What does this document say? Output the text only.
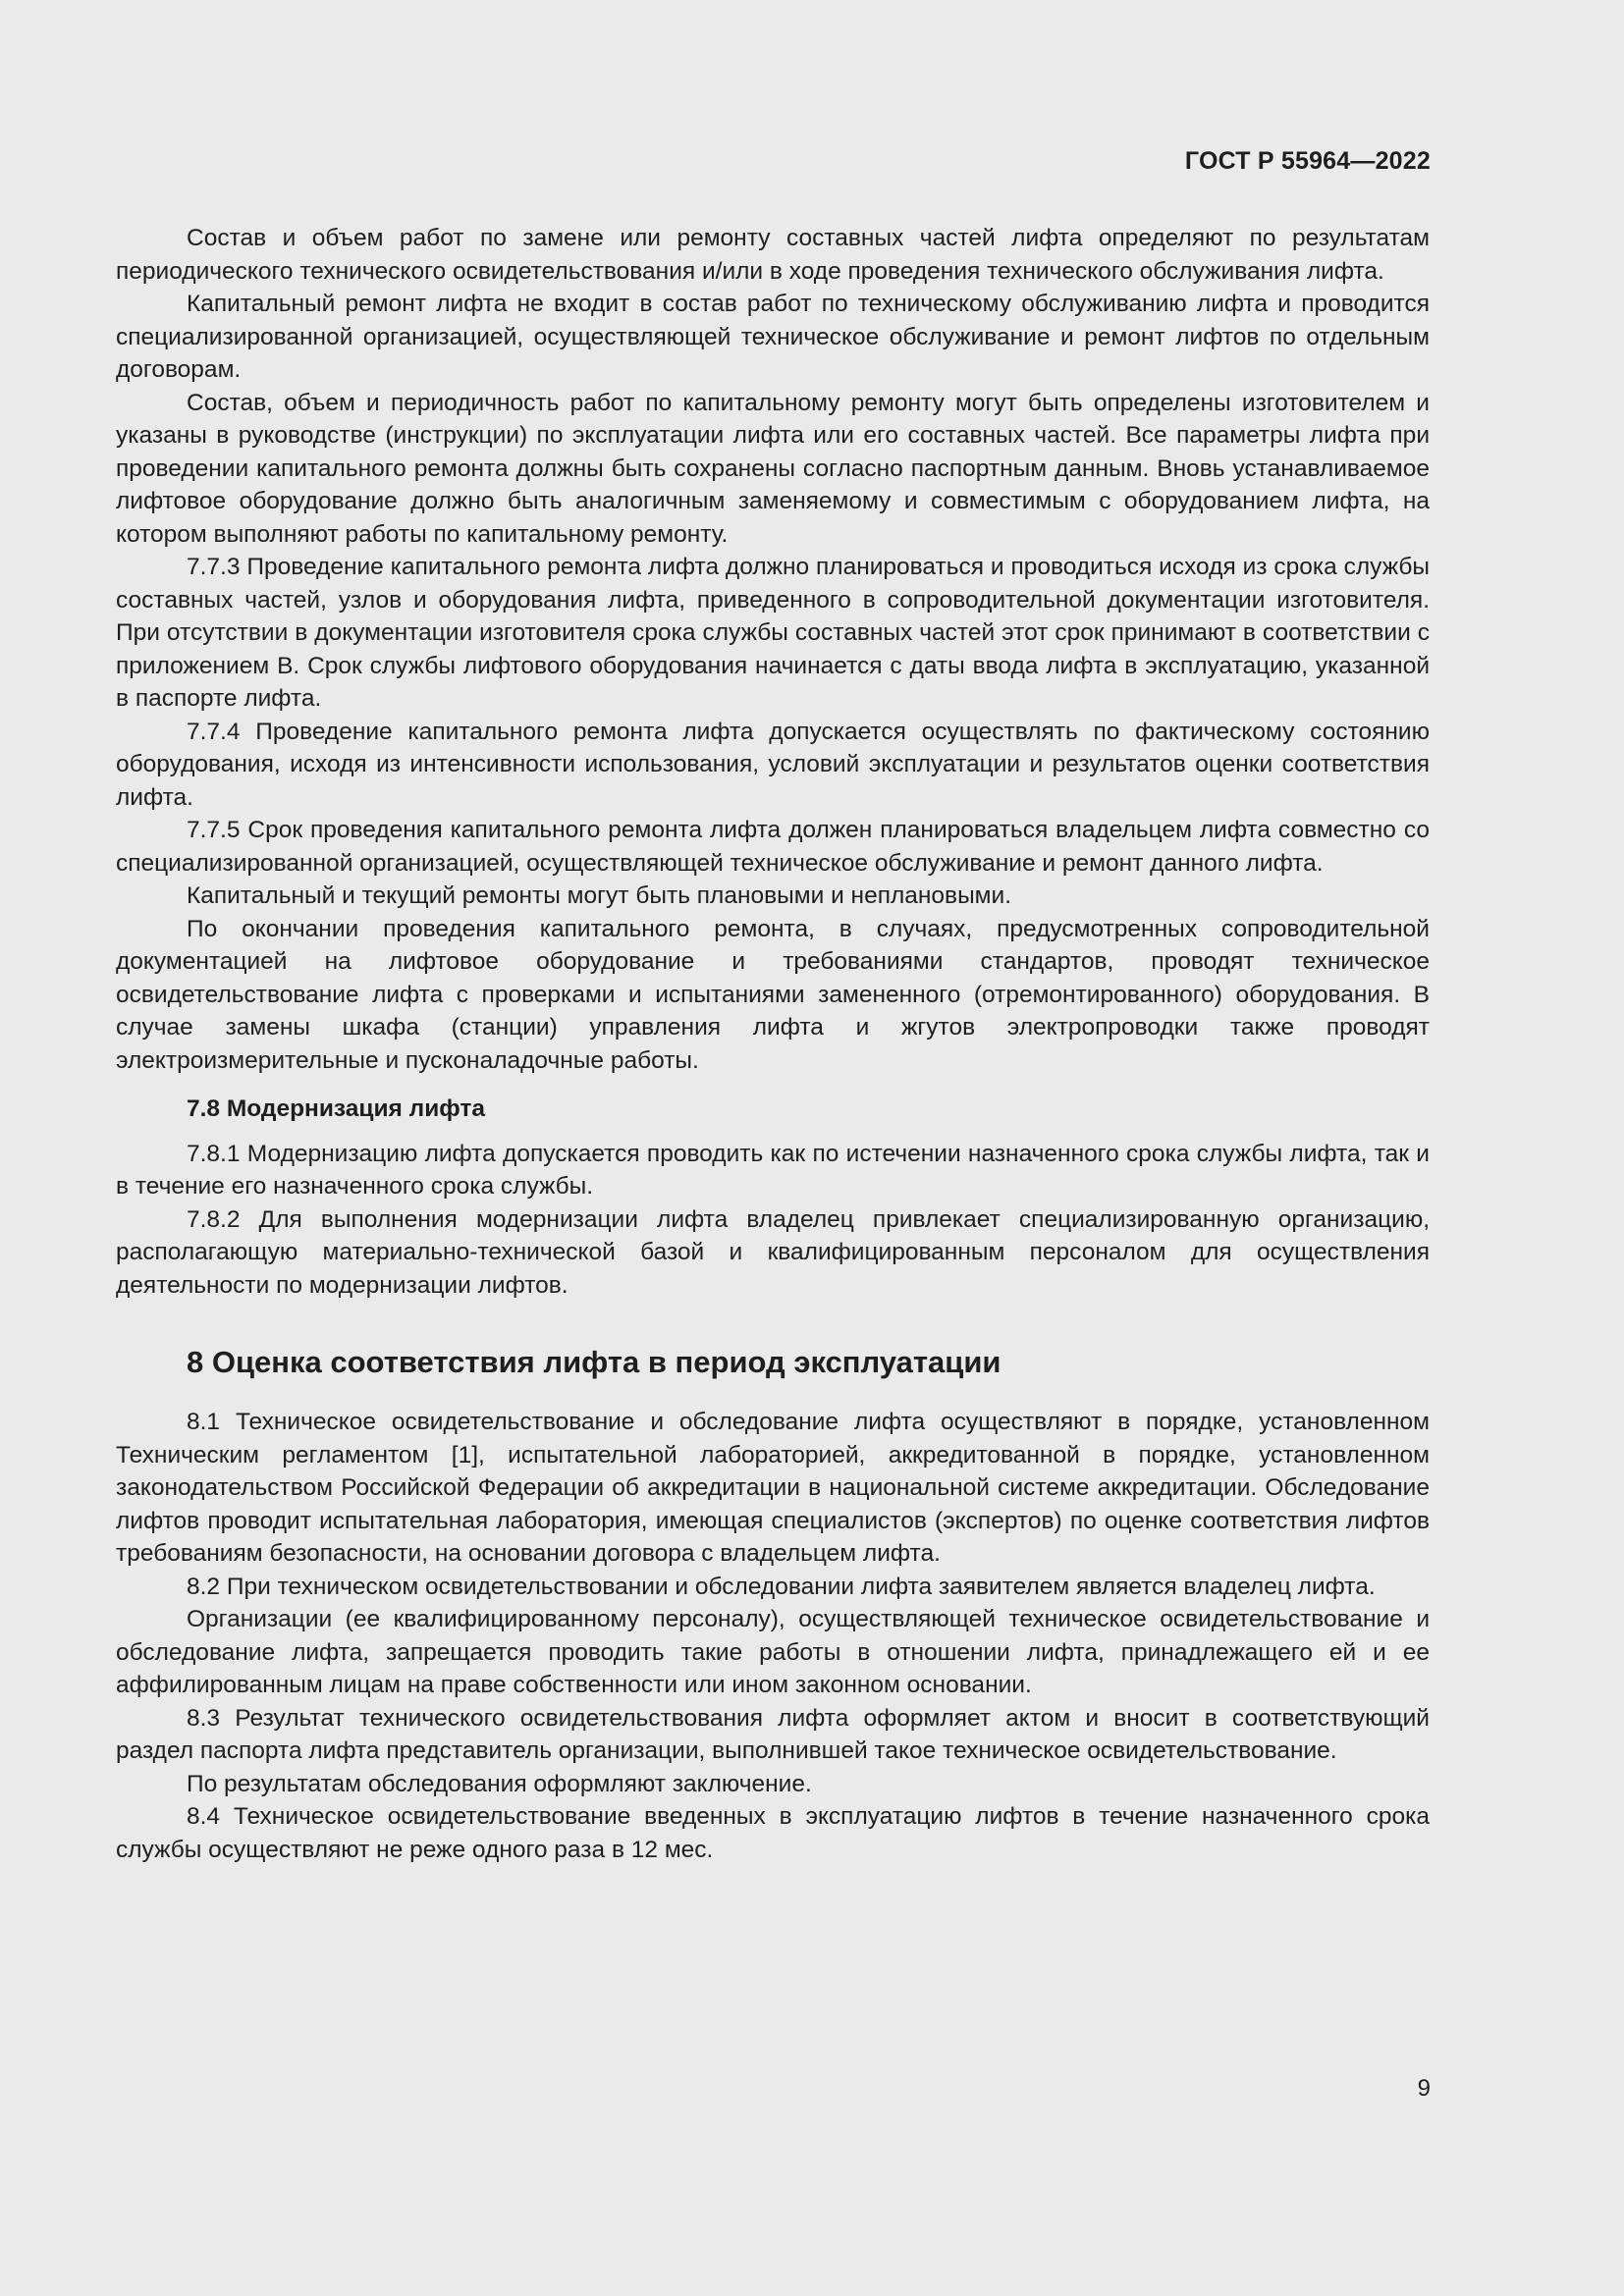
ГОСТ Р 55964—2022

Состав и объем работ по замене или ремонту составных частей лифта определяют по результатам периодического технического освидетельствования и/или в ходе проведения технического обслуживания лифта.

Капитальный ремонт лифта не входит в состав работ по техническому обслуживанию лифта и проводится специализированной организацией, осуществляющей техническое обслуживание и ремонт лифтов по отдельным договорам.

Состав, объем и периодичность работ по капитальному ремонту могут быть определены изготовителем и указаны в руководстве (инструкции) по эксплуатации лифта или его составных частей. Все параметры лифта при проведении капитального ремонта должны быть сохранены согласно паспортным данным. Вновь устанавливаемое лифтовое оборудование должно быть аналогичным заменяемому и совместимым с оборудованием лифта, на котором выполняют работы по капитальному ремонту.

7.7.3 Проведение капитального ремонта лифта должно планироваться и проводиться исходя из срока службы составных частей, узлов и оборудования лифта, приведенного в сопроводительной документации изготовителя. При отсутствии в документации изготовителя срока службы составных частей этот срок принимают в соответствии с приложением В. Срок службы лифтового оборудования начинается с даты ввода лифта в эксплуатацию, указанной в паспорте лифта.

7.7.4 Проведение капитального ремонта лифта допускается осуществлять по фактическому состоянию оборудования, исходя из интенсивности использования, условий эксплуатации и результатов оценки соответствия лифта.

7.7.5 Срок проведения капитального ремонта лифта должен планироваться владельцем лифта совместно со специализированной организацией, осуществляющей техническое обслуживание и ремонт данного лифта.

Капитальный и текущий ремонты могут быть плановыми и неплановыми.

По окончании проведения капитального ремонта, в случаях, предусмотренных сопроводительной документацией на лифтовое оборудование и требованиями стандартов, проводят техническое освидетельствование лифта с проверками и испытаниями замененного (отремонтированного) оборудования. В случае замены шкафа (станции) управления лифта и жгутов электропроводки также проводят электроизмерительные и пусконаладочные работы.

7.8 Модернизация лифта

7.8.1 Модернизацию лифта допускается проводить как по истечении назначенного срока службы лифта, так и в течение его назначенного срока службы.

7.8.2 Для выполнения модернизации лифта владелец привлекает специализированную организацию, располагающую материально-технической базой и квалифицированным персоналом для осуществления деятельности по модернизации лифтов.

8 Оценка соответствия лифта в период эксплуатации

8.1 Техническое освидетельствование и обследование лифта осуществляют в порядке, установленном Техническим регламентом [1], испытательной лабораторией, аккредитованной в порядке, установленном законодательством Российской Федерации об аккредитации в национальной системе аккредитации. Обследование лифтов проводит испытательная лаборатория, имеющая специалистов (экспертов) по оценке соответствия лифтов требованиям безопасности, на основании договора с владельцем лифта.

8.2 При техническом освидетельствовании и обследовании лифта заявителем является владелец лифта.

Организации (ее квалифицированному персоналу), осуществляющей техническое освидетельствование и обследование лифта, запрещается проводить такие работы в отношении лифта, принадлежащего ей и ее аффилированным лицам на праве собственности или ином законном основании.

8.3 Результат технического освидетельствования лифта оформляет актом и вносит в соответствующий раздел паспорта лифта представитель организации, выполнившей такое техническое освидетельствование.

По результатам обследования оформляют заключение.

8.4 Техническое освидетельствование введенных в эксплуатацию лифтов в течение назначенного срока службы осуществляют не реже одного раза в 12 мес.

9
